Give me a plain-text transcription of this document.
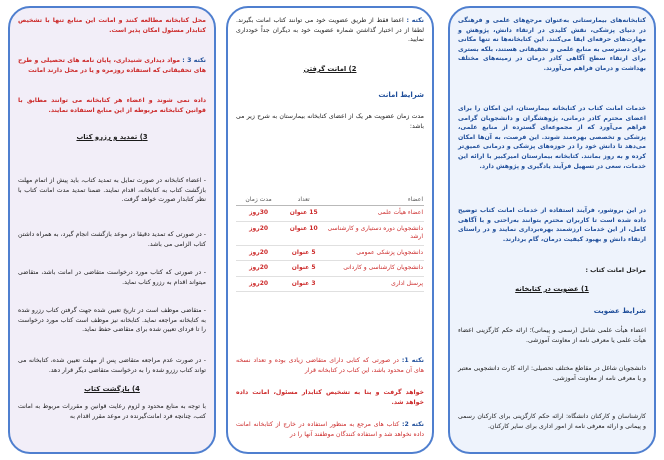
کتابخانه‌های بیمارستانی به‌عنوان مرجع‌های علمی و فرهنگی در دنیای پزشکی، نقش کلیدی در ارتقاء دانش، پژوهش و مهارت‌های حرفه‌ای ایفا می‌کنند. این کتابخانه‌ها نه تنها مکانی برای دسترسی به منابع علمی و تحقیقاتی هستند، بلکه بستری برای ارتقاء سطح آگاهی کادر درمان در زمینه‌های مختلف بهداشت و درمان فراهم می‌آورند.

خدمات امانت کتاب در کتابخانه بیمارستان، این امکان را برای اعضای محترم کادر درمانی، پژوهشگران و دانشجویان گرامی فراهم می‌آورد که از مجموعه‌ای گسترده از منابع علمی، پزشکی و تخصصی بهره‌مند شوند. این فرصت، به آن‌ها امکان می‌دهد تا دانش خود را در حوزه‌های پزشکی و درمانی عمیق‌تر کرده و به روز بمانند. کتابخانه بیمارستان امیرکبیر با ارائه این خدمات، سعی در تسهیل فرآیند یادگیری و پژوهش دارد.

در این بروشور، فرآیند استفاده از خدمات امانت کتاب توضیح داده شده است تا کاربران محترم بتوانند به‌راحتی و با آگاهی کامل، از این خدمات ارزشمند بهره‌برداری نمایند و در راستای ارتقاء دانش و بهبود کیفیت درمان، گام بردارند.

مراحل امانت کتاب :

1) عضویت در کتابخانه
شرایط عضویت

اعضاء هیأت علمی شامل (رسمی و پیمانی)؛ ارائه حکم کارگزینی اعضاء هیأت علمی یا معرفی نامه از معاونت آموزشی.

دانشجویان شاغل در مقاطع مختلف تحصیلی: ارائه کارت دانشجویی معتبر و یا معرفی نامه از معاونت آموزشی.

کارشناسان و کارکنان دانشگاه: ارائه حکم کارگزینی برای کارکنان رسمی و پیمانی و ارائه معرفی نامه از امور اداری برای سایر کارکنان.

نکته : اعضا فقط از طریق عضویت خود می توانند کتاب امانت بگیرند. لطفا از در اختیار گذاشتن شماره عضویت خود به دیگران جداً خودداری نمایید.

2) امانت گرفتن
شرایط امانت

مدت زمان عضویت هر یک از اعضای کتابخانه بیمارستان به شرح زیر می باشد:

اعضاء	تعداد	مدت زمان
اعضاء هیأت علمی	15 عنوان	30روز
دانشجویان دوره دستیاری و کارشناسی ارشد	10 عنوان	20روز
دانشجویان پزشکی عمومی	5 عنوان	20روز
دانشجویان کارشناسی و کاردانی	5 عنوان	20روز
پرسنل اداری	3 عنوان	20روز

نکته 1: در صورتی که کتابی دارای متقاضی زیادی بوده و تعداد نسخه های آن محدود باشد، این کتاب در کتابخانه قرار

خواهد گرفت و بنا به تشخیص کتابدار مسئول، امانت داده خواهد شد.

نکته 2: کتاب های مرجع به منظور استفاده در خارج از کتابخانه امانت داده نخواهد شد و استفاده کنندگان موظفند آنها را در

محل کتابخانه مطالعه کنند و امانت این منابع تنها با تشخیص کتابدار مسئول امکان پذیر است.

نکته 3 : مواد دیداری شنیداری، پایان نامه های تحصیلی و طرح های تحقیقاتی که استفاده روزمره و یا در محل دارند امانت

داده نمی شوند و اعضاء هر کتابخانه می توانند مطابق با قوانین کتابخانه مربوطه از این منابع استفاده نمایند.

3) تمدید و رزرو کتاب

- اعضاء کتابخانه در صورت تمایل به تمدید کتاب، باید پیش از اتمام مهلت بازگشت کتاب به کتابخانه، اقدام نمایند. ضمنا تمدید مدت امانت کتاب با نظر کتابدار صورت خواهد گرفت.

- در صورتی که تمدید دقیقا در موعد بازگشت انجام گیرد، به همراه داشتن کتاب الزامی می باشد.

- در صورتی که کتاب مورد درخواست متقاضی در امانت باشد، متقاضی میتواند اقدام به رزرو کتاب نماید.

- متقاضی موظف است در تاریخ تعیین شده جهت گرفتن کتاب رزرو شده به کتابخانه مراجعه نماید. کتابخانه نیز موظف است کتاب مورد درخواست را تا فردای تعیین شده برای متقاضی حفظ نماید.

- در صورت عدم مراجعه متقاضی پس از مهلت تعیین شده، کتابخانه می تواند کتاب رزرو شده را به درخواست متقاضی دیگر قرار دهد.

4) بازگشت کتاب

با توجه به منابع محدود و لزوم رعایت قوانین و مقررات مربوط به امانت کتب، چنانچه فرد امانت‌گیرنده در موعد مقرر اقدام به
